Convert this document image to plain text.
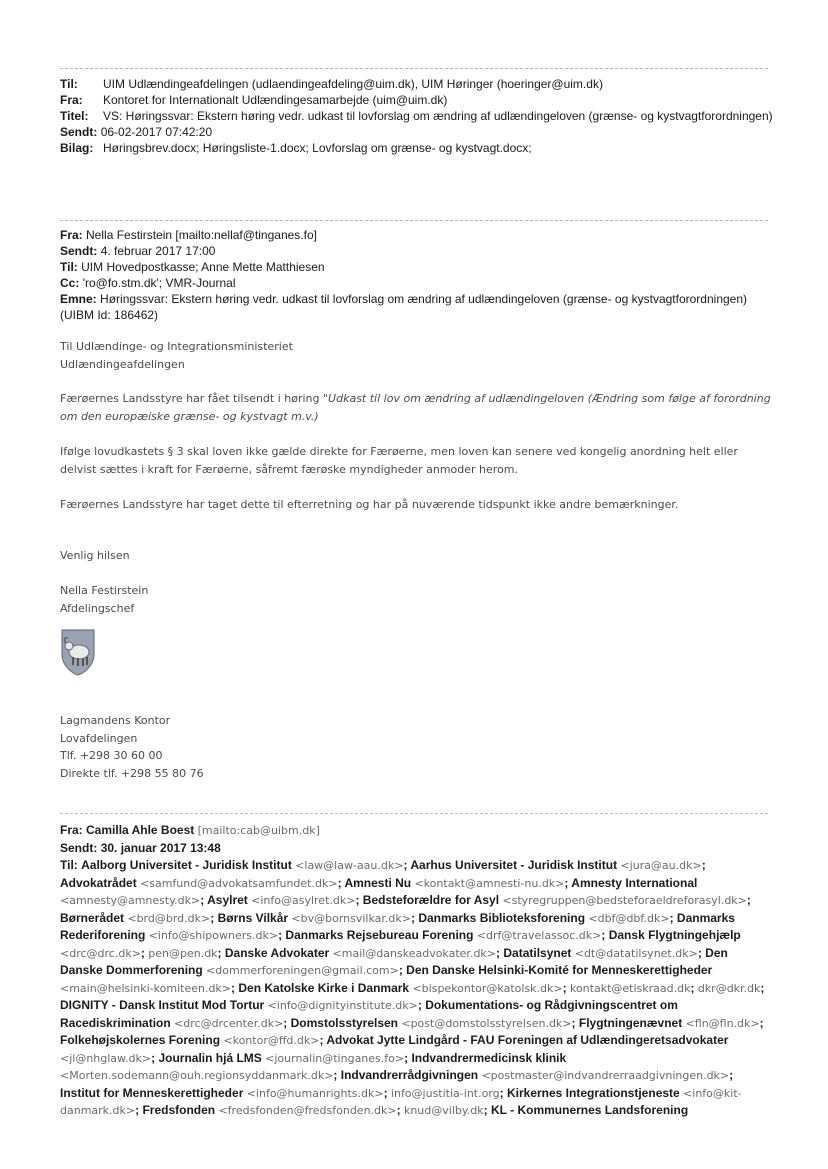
Til:	UIM Udlændingeafdelingen (udlaendingeafdeling@uim.dk), UIM Høringer (hoeringer@uim.dk)
Fra:	Kontoret for Internationalt Udlændingesamarbejde (uim@uim.dk)
Titel:	VS: Høringssvar: Ekstern høring vedr. udkast til lovforslag om ændring af udlændingeloven (grænse- og kystvagtforordningen)
Sendt:
06-02-2017 07:42:20
Bilag: Høringsbrev.docx; Høringsliste-1.docx; Lovforslag om grænse- og kystvagt.docx;
Fra: Nella Festirstein [mailto:nellaf@tinganes.fo]
Sendt: 4. februar 2017 17:00
Til: UIM Hovedpostkasse; Anne Mette Matthiesen
Cc: 'ro@fo.stm.dk'; VMR-Journal
Emne: Høringssvar: Ekstern høring vedr. udkast til lovforslag om ændring af udlændingeloven (grænse- og kystvagtforordningen) (UIBM Id: 186462)

Til Udlændinge- og Integrationsministeriet

Udlændingeafdelingen

Færøernes Landsstyre har fået tilsendt i høring "Udkast til lov om ændring af udlændingeloven (Ændring som følge af forordning om den europæiske grænse- og kystvagt m.v.)

Ifølge lovudkastets § 3 skal loven ikke gælde direkte for Færøerne, men loven kan senere ved kongelig anordning helt eller delvist sættes i kraft for Færøerne, såfremt færøske myndigheder anmoder herom.

Færøernes Landsstyre har taget dette til efterretning og har på nuværende tidspunkt ikke andre bemærkninger.

Venlig hilsen

Nella Festirstein

Afdelingschef

Lagmandens Kontor

Lovafdelingen

Tlf. +298 30 60 00

Direkte tlf. +298 55 80 76

Fra: Camilla Ahle Boest [mailto:cab@uibm.dk]
Sendt: 30. januar 2017 13:48
Til: Aalborg Universitet - Juridisk Institut <law@law-aau.dk>; Aarhus Universitet - Juridisk Institut <jura@au.dk>; Advokatrådet <samfund@advokatsamfundet.dk>; Amnesti Nu <kontakt@amnesti-nu.dk>; Amnesty International <amnesty@amnesty.dk>; Asylret <info@asylret.dk>; Bedsteforældre for Asyl <styregruppen@bedsteforaeldreforasyl.dk>; Børnerådet <brd@brd.dk>; Børns Vilkår <bv@bornsvilkar.dk>; Danmarks Biblioteksforening <dbf@dbf.dk>; Danmarks Rederiforening <info@shipowners.dk>; Danmarks Rejsebureau Forening <drf@travelassoc.dk>; Dansk Flygtningehjælp <drc@drc.dk>; pen@pen.dk; Danske Advokater <mail@danskeadvokater.dk>; Datatilsynet <dt@datatilsynet.dk>; Den Danske Dommerforening <dommerforeningen@gmail.com>; Den Danske Helsinki-Komité for Menneskerettigheder <main@helsinki-komiteen.dk>; Den Katolske Kirke i Danmark <bispekontor@katolsk.dk>; kontakt@etiskraad.dk; dkr@dkr.dk; DIGNITY - Dansk Institut Mod Tortur <info@dignityinstitute.dk>; Dokumentations- og Rådgivningscentret om Racediskrimination <drc@drcenter.dk>; Domstolsstyrelsen <post@domstolsstyrelsen.dk>; Flygtningenævnet <fln@fln.dk>; Folkehøjskolernes Forening <kontor@ffd.dk>; Advokat Jytte Lindgård - FAU Foreningen af Udlændingeretsadvokater <jl@nhglaw.dk>; Journalin hjá LMS <journalin@tinganes.fo>; Indvandrermedicinsk klinik <Morten.sodemann@ouh.regionsyddanmark.dk>; Indvandrerrådgivningen <postmaster@indvandrerraadgivningen.dk>; Institut for Menneskerettigheder <info@humanrights.dk>; info@justitia-int.org; Kirkernes Integrationstjeneste <info@kit-danmark.dk>; Fredsfonden <fredsfonden@fredsfonden.dk>; knud@vilby.dk; KL - Kommunernes Landsforening
